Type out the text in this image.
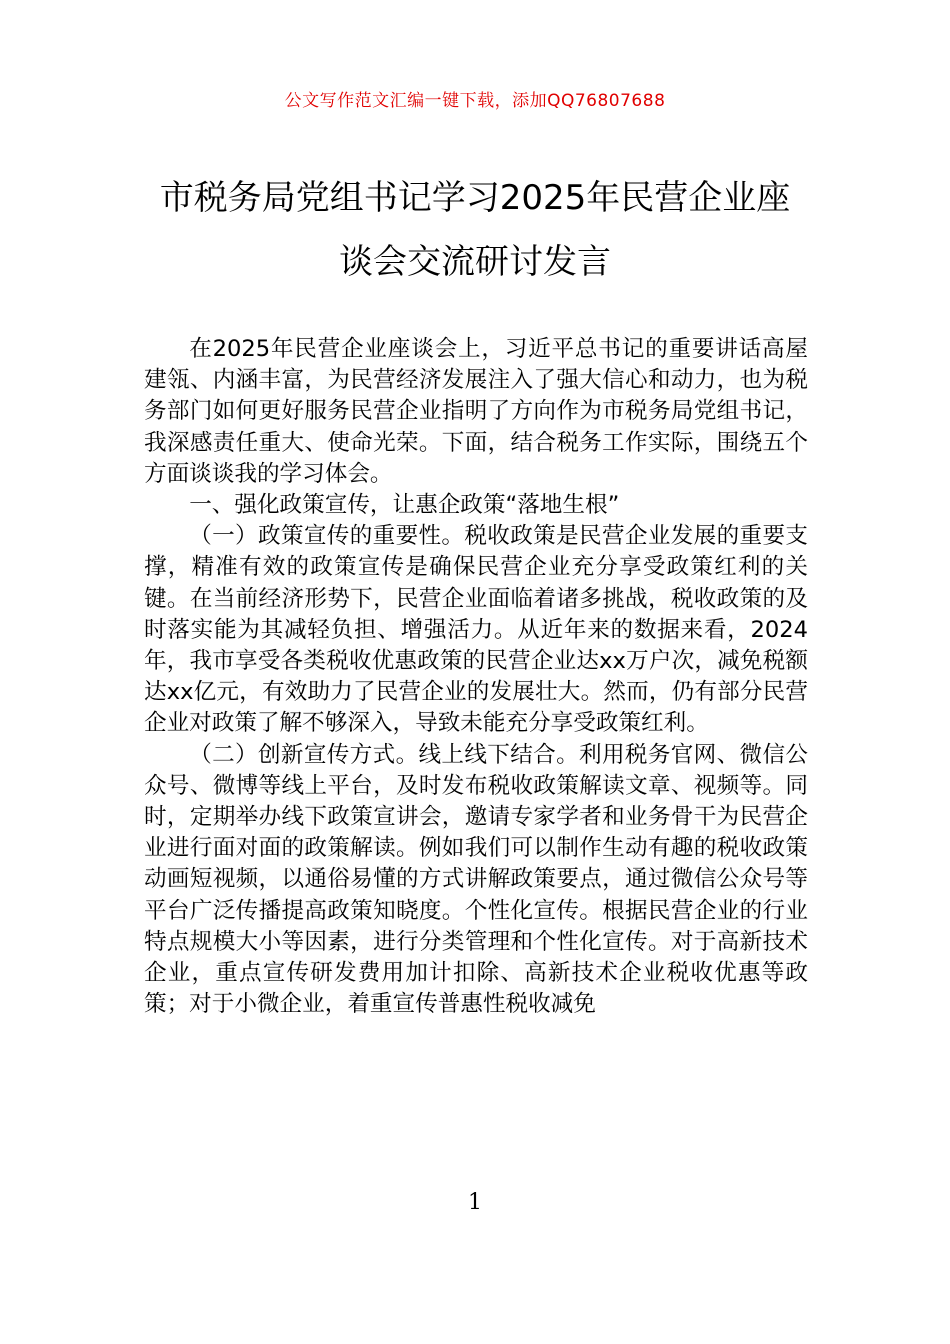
公文写作范文汇编一键下载，添加QQ76807688
市税务局党组书记学习2025年民营企业座
谈会交流研讨发言

在2025年民营企业座谈会上，习近平总书记的重要讲话高屋建瓴、内涵丰富，为民营经济发展注入了强大信心和动力，也为税务部门如何更好服务民营企业指明了方向作为市税务局党组书记，我深感责任重大、使命光荣。下面，结合税务工作实际，围绕五个方面谈谈我的学习体会。

一、强化政策宣传，让惠企政策“落地生根”

（一）政策宣传的重要性。税收政策是民营企业发展的重要支撑，精准有效的政策宣传是确保民营企业充分享受政策红利的关键。在当前经济形势下，民营企业面临着诸多挑战，税收政策的及时落实能为其减轻负担、增强活力。从近年来的数据来看，2024年，我市享受各类税收优惠政策的民营企业达xx万户次，减免税额达xx亿元，有效助力了民营企业的发展壮大。然而，仍有部分民营企业对政策了解不够深入，导致未能充分享受政策红利。

（二）创新宣传方式。线上线下结合。利用税务官网、微信公众号、微博等线上平台，及时发布税收政策解读文章、视频等。同时，定期举办线下政策宣讲会，邀请专家学者和业务骨干为民营企业进行面对面的政策解读。例如我们可以制作生动有趣的税收政策动画短视频，以通俗易懂的方式讲解政策要点，通过微信公众号等平台广泛传播提高政策知晓度。个性化宣传。根据民营企业的行业特点规模大小等因素，进行分类管理和个性化宣传。对于高新技术企业，重点宣传研发费用加计扣除、高新技术企业税收优惠等政策；对于小微企业，着重宣传普惠性税收减免

1
